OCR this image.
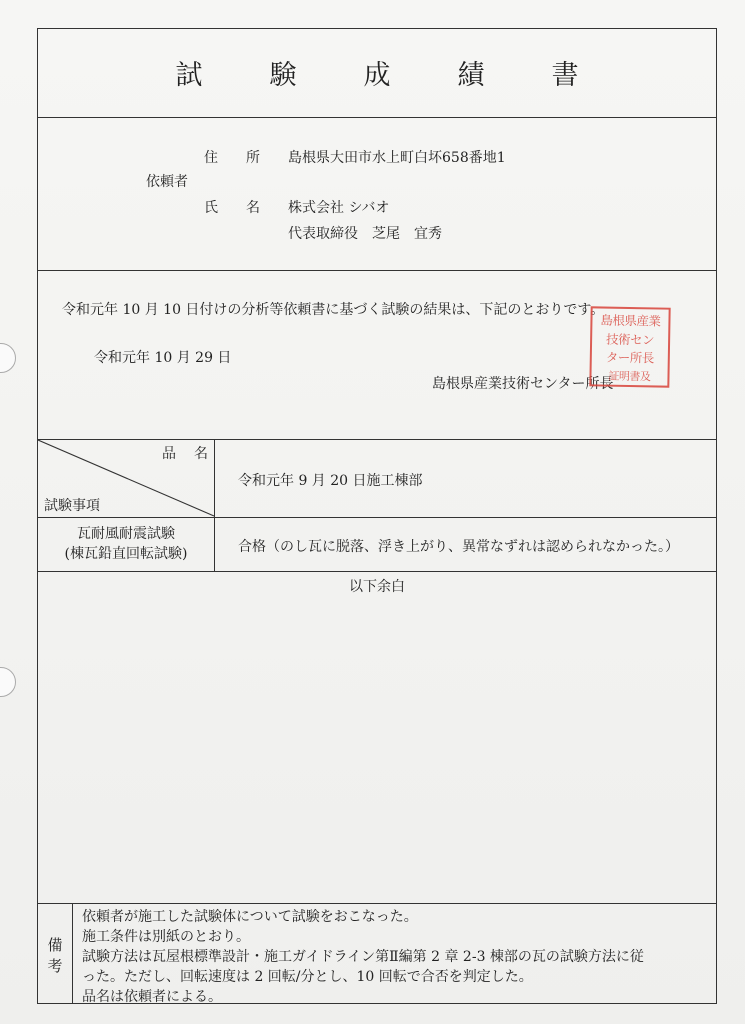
試　験　成　績　書
住　　所 島根県大田市水上町白坏658番地1
依頼者
氏　　名 株式会社 シバオ
代表取締役　芝尾　宜秀
令和元年 10 月 10 日付けの分析等依頼書に基づく試験の結果は、下記のとおりです。
令和元年 10 月 29 日
島根県産業技術センター所長
品　名
試験事項
令和元年 9 月 20 日施工棟部
瓦耐風耐震試験
(棟瓦鉛直回転試験)	合格（のし瓦に脱落、浮き上がり、異常なずれは認められなかった。）
以下余白
備
考
依頼者が施工した試験体について試験をおこなった。
施工条件は別紙のとおり。
試験方法は瓦屋根標準設計・施工ガイドライン第Ⅱ編第 2 章 2-3 棟部の瓦の試験方法に従
った。ただし、回転速度は 2 回転/分とし、10 回転で合否を判定した。
品名は依頼者による。
島根県産業
技術セン
ター所長
証明書及
